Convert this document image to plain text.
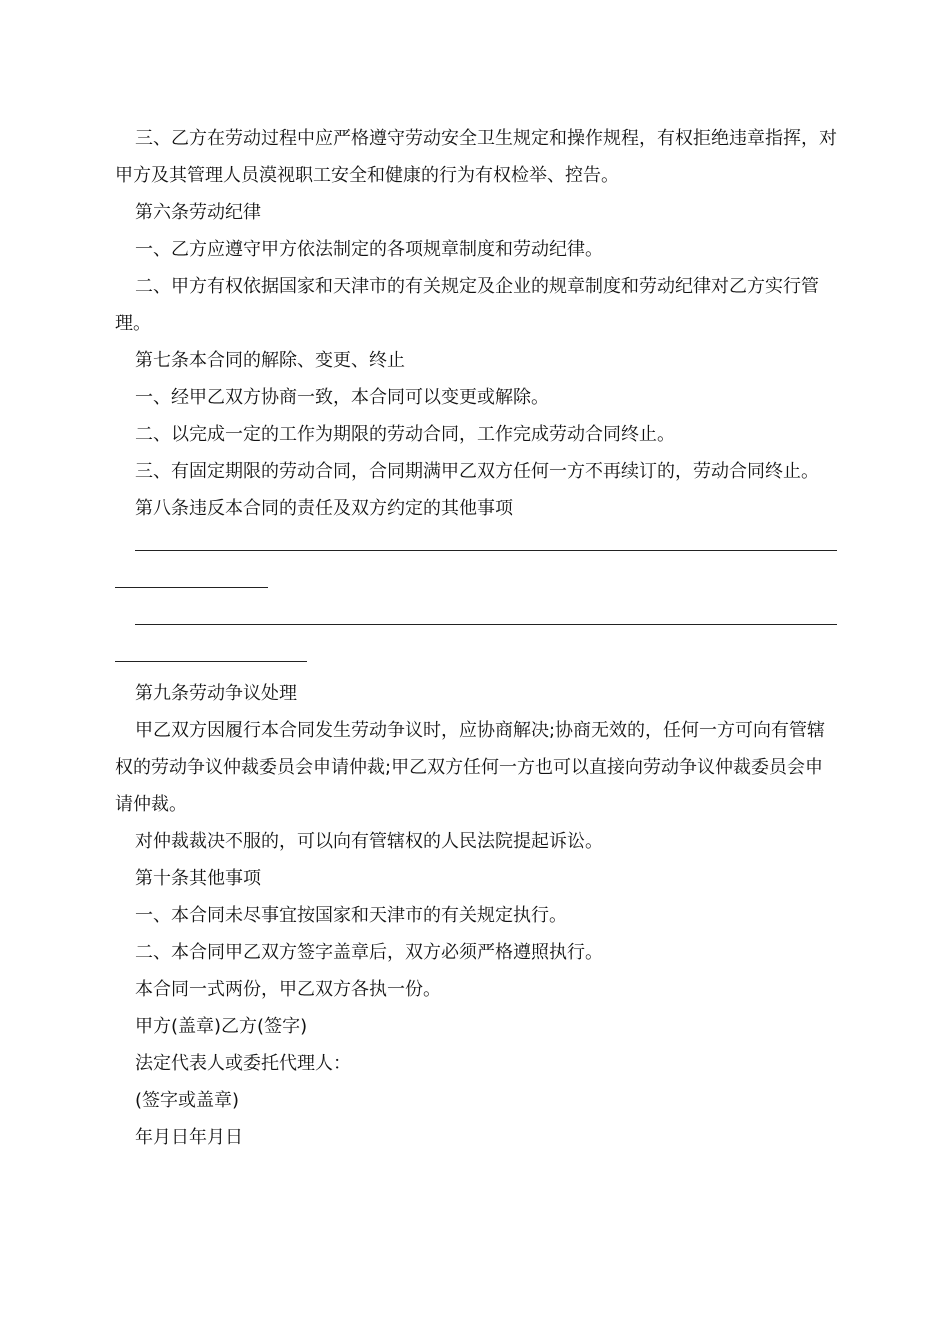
三、乙方在劳动过程中应严格遵守劳动安全卫生规定和操作规程，有权拒绝违章指挥，对甲方及其管理人员漠视职工安全和健康的行为有权检举、控告。

第六条劳动纪律

一、乙方应遵守甲方依法制定的各项规章制度和劳动纪律。

二、甲方有权依据国家和天津市的有关规定及企业的规章制度和劳动纪律对乙方实行管理。

第七条本合同的解除、变更、终止

一、经甲乙双方协商一致，本合同可以变更或解除。

二、以完成一定的工作为期限的劳动合同，工作完成劳动合同终止。

三、有固定期限的劳动合同，合同期满甲乙双方任何一方不再续订的，劳动合同终止。

第八条违反本合同的责任及双方约定的其他事项

第九条劳动争议处理

甲乙双方因履行本合同发生劳动争议时，应协商解决;协商无效的，任何一方可向有管辖权的劳动争议仲裁委员会申请仲裁;甲乙双方任何一方也可以直接向劳动争议仲裁委员会申请仲裁。

对仲裁裁决不服的，可以向有管辖权的人民法院提起诉讼。

第十条其他事项

一、本合同未尽事宜按国家和天津市的有关规定执行。

二、本合同甲乙双方签字盖章后，双方必须严格遵照执行。

本合同一式两份，甲乙双方各执一份。

甲方(盖章)乙方(签字)

法定代表人或委托代理人：

(签字或盖章)

年月日年月日
